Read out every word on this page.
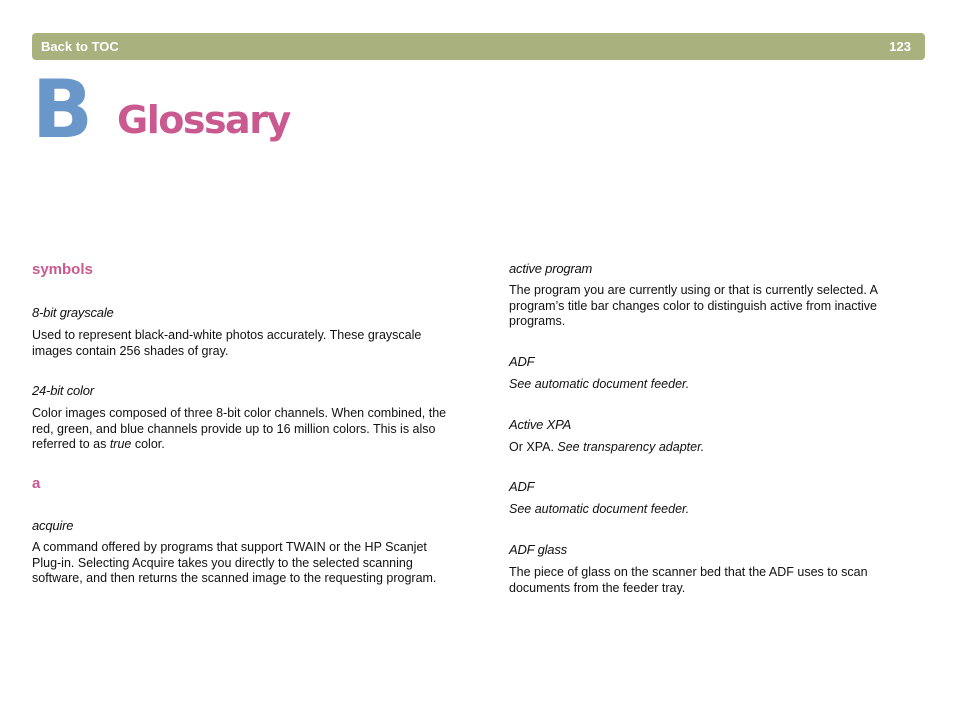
Back to TOC	123
B Glossary
symbols

8-bit grayscale

Used to represent black-and-white photos accurately. These grayscale images contain 256 shades of gray.

24-bit color

Color images composed of three 8-bit color channels. When combined, the red, green, and blue channels provide up to 16 million colors. This is also referred to as true color.

a

acquire

A command offered by programs that support TWAIN or the HP Scanjet Plug-in. Selecting Acquire takes you directly to the selected scanning software, and then returns the scanned image to the requesting program.

active program

The program you are currently using or that is currently selected. A program’s title bar changes color to distinguish active from inactive programs.

ADF

See automatic document feeder.

Active XPA

Or XPA. See transparency adapter.

ADF

See automatic document feeder.

ADF glass

The piece of glass on the scanner bed that the ADF uses to scan documents from the feeder tray.
